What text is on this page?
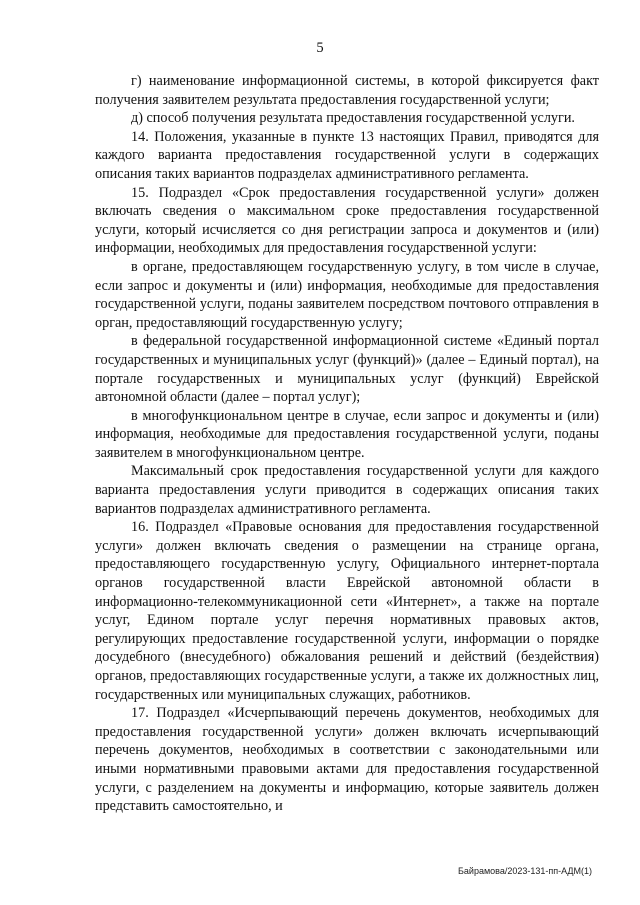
5

г) наименование информационной системы, в которой фиксируется факт получения заявителем результата предоставления государственной услуги;

д) способ получения результата предоставления государственной услуги.

14. Положения, указанные в пункте 13 настоящих Правил, приводятся для каждого варианта предоставления государственной услуги в содержащих описания таких вариантов подразделах административного регламента.

15. Подраздел «Срок предоставления государственной услуги» должен включать сведения о максимальном сроке предоставления государственной услуги, который исчисляется со дня регистрации запроса и документов и (или) информации, необходимых для предоставления государственной услуги:

в органе, предоставляющем государственную услугу, в том числе в случае, если запрос и документы и (или) информация, необходимые для предоставления государственной услуги, поданы заявителем посредством почтового отправления в орган, предоставляющий государственную услугу;

в федеральной государственной информационной системе «Единый портал государственных и муниципальных услуг (функций)» (далее – Единый портал), на портале государственных и муниципальных услуг (функций) Еврейской автономной области (далее – портал услуг);

в многофункциональном центре в случае, если запрос и документы и (или) информация, необходимые для предоставления государственной услуги, поданы заявителем в многофункциональном центре.

Максимальный срок предоставления государственной услуги для каждого варианта предоставления услуги приводится в содержащих описания таких вариантов подразделах административного регламента.

16. Подраздел «Правовые основания для предоставления государственной услуги» должен включать сведения о размещении на странице органа, предоставляющего государственную услугу, Официального интернет-портала органов государственной власти Еврейской автономной области в информационно-телекоммуникационной сети «Интернет», а также на портале услуг, Едином портале услуг перечня нормативных правовых актов, регулирующих предоставление государственной услуги, информации о порядке досудебного (внесудебного) обжалования решений и действий (бездействия) органов, предоставляющих государственные услуги, а также их должностных лиц, государственных или муниципальных служащих, работников.

17. Подраздел «Исчерпывающий перечень документов, необходимых для предоставления государственной услуги» должен включать исчерпывающий перечень документов, необходимых в соответствии с законодательными или иными нормативными правовыми актами для предоставления государственной услуги, с разделением на документы и информацию, которые заявитель должен представить самостоятельно, и

Байрамова/2023-131-пп-АДМ(1)
